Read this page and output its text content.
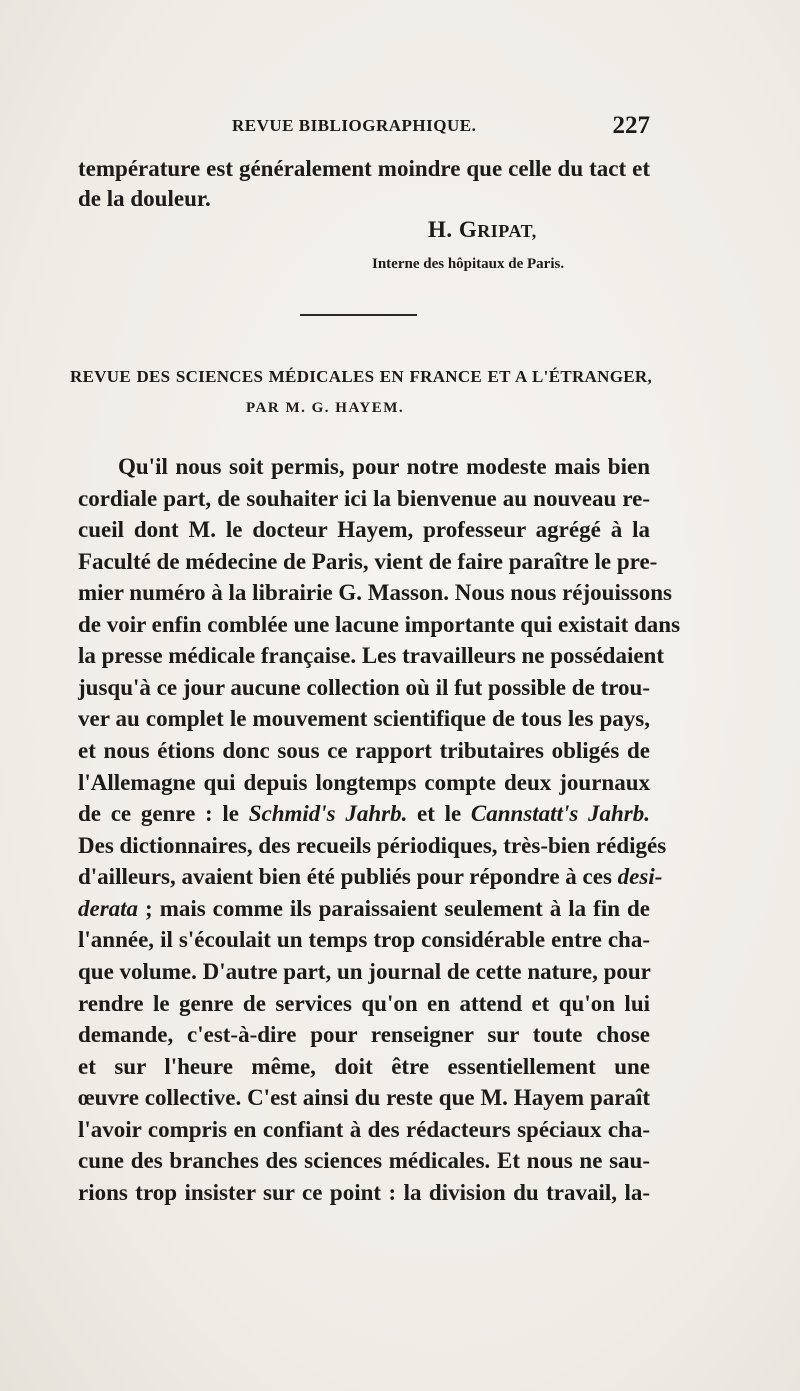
REVUE BIBLIOGRAPHIQUE.	227
température est généralement moindre que celle du tact et
de la douleur.
H. GRIPAT,
Interne des hôpitaux de Paris.
REVUE DES SCIENCES MÉDICALES EN FRANCE ET A L'ÉTRANGER,
PAR M. G. HAYEM.
Qu'il nous soit permis, pour notre modeste mais bien
cordiale part, de souhaiter ici la bienvenue au nouveau re-
cueil dont M. le docteur Hayem, professeur agrégé à la
Faculté de médecine de Paris, vient de faire paraître le pre-
mier numéro à la librairie G. Masson. Nous nous réjouissons
de voir enfin comblée une lacune importante qui existait dans
la presse médicale française. Les travailleurs ne possédaient
jusqu'à ce jour aucune collection où il fut possible de trou-
ver au complet le mouvement scientifique de tous les pays,
et nous étions donc sous ce rapport tributaires obligés de
l'Allemagne qui depuis longtemps compte deux journaux
de ce genre : le Schmid's Jahrb. et le Cannstatt's Jahrb.
Des dictionnaires, des recueils périodiques, très-bien rédigés
d'ailleurs, avaient bien été publiés pour répondre à ces desi-
derata ; mais comme ils paraissaient seulement à la fin de
l'année, il s'écoulait un temps trop considérable entre cha-
que volume. D'autre part, un journal de cette nature, pour
rendre le genre de services qu'on en attend et qu'on lui
demande, c'est-à-dire pour renseigner sur toute chose
et sur l'heure même, doit être essentiellement une
œuvre collective. C'est ainsi du reste que M. Hayem paraît
l'avoir compris en confiant à des rédacteurs spéciaux cha-
cune des branches des sciences médicales. Et nous ne sau-
rions trop insister sur ce point : la division du travail, la-
